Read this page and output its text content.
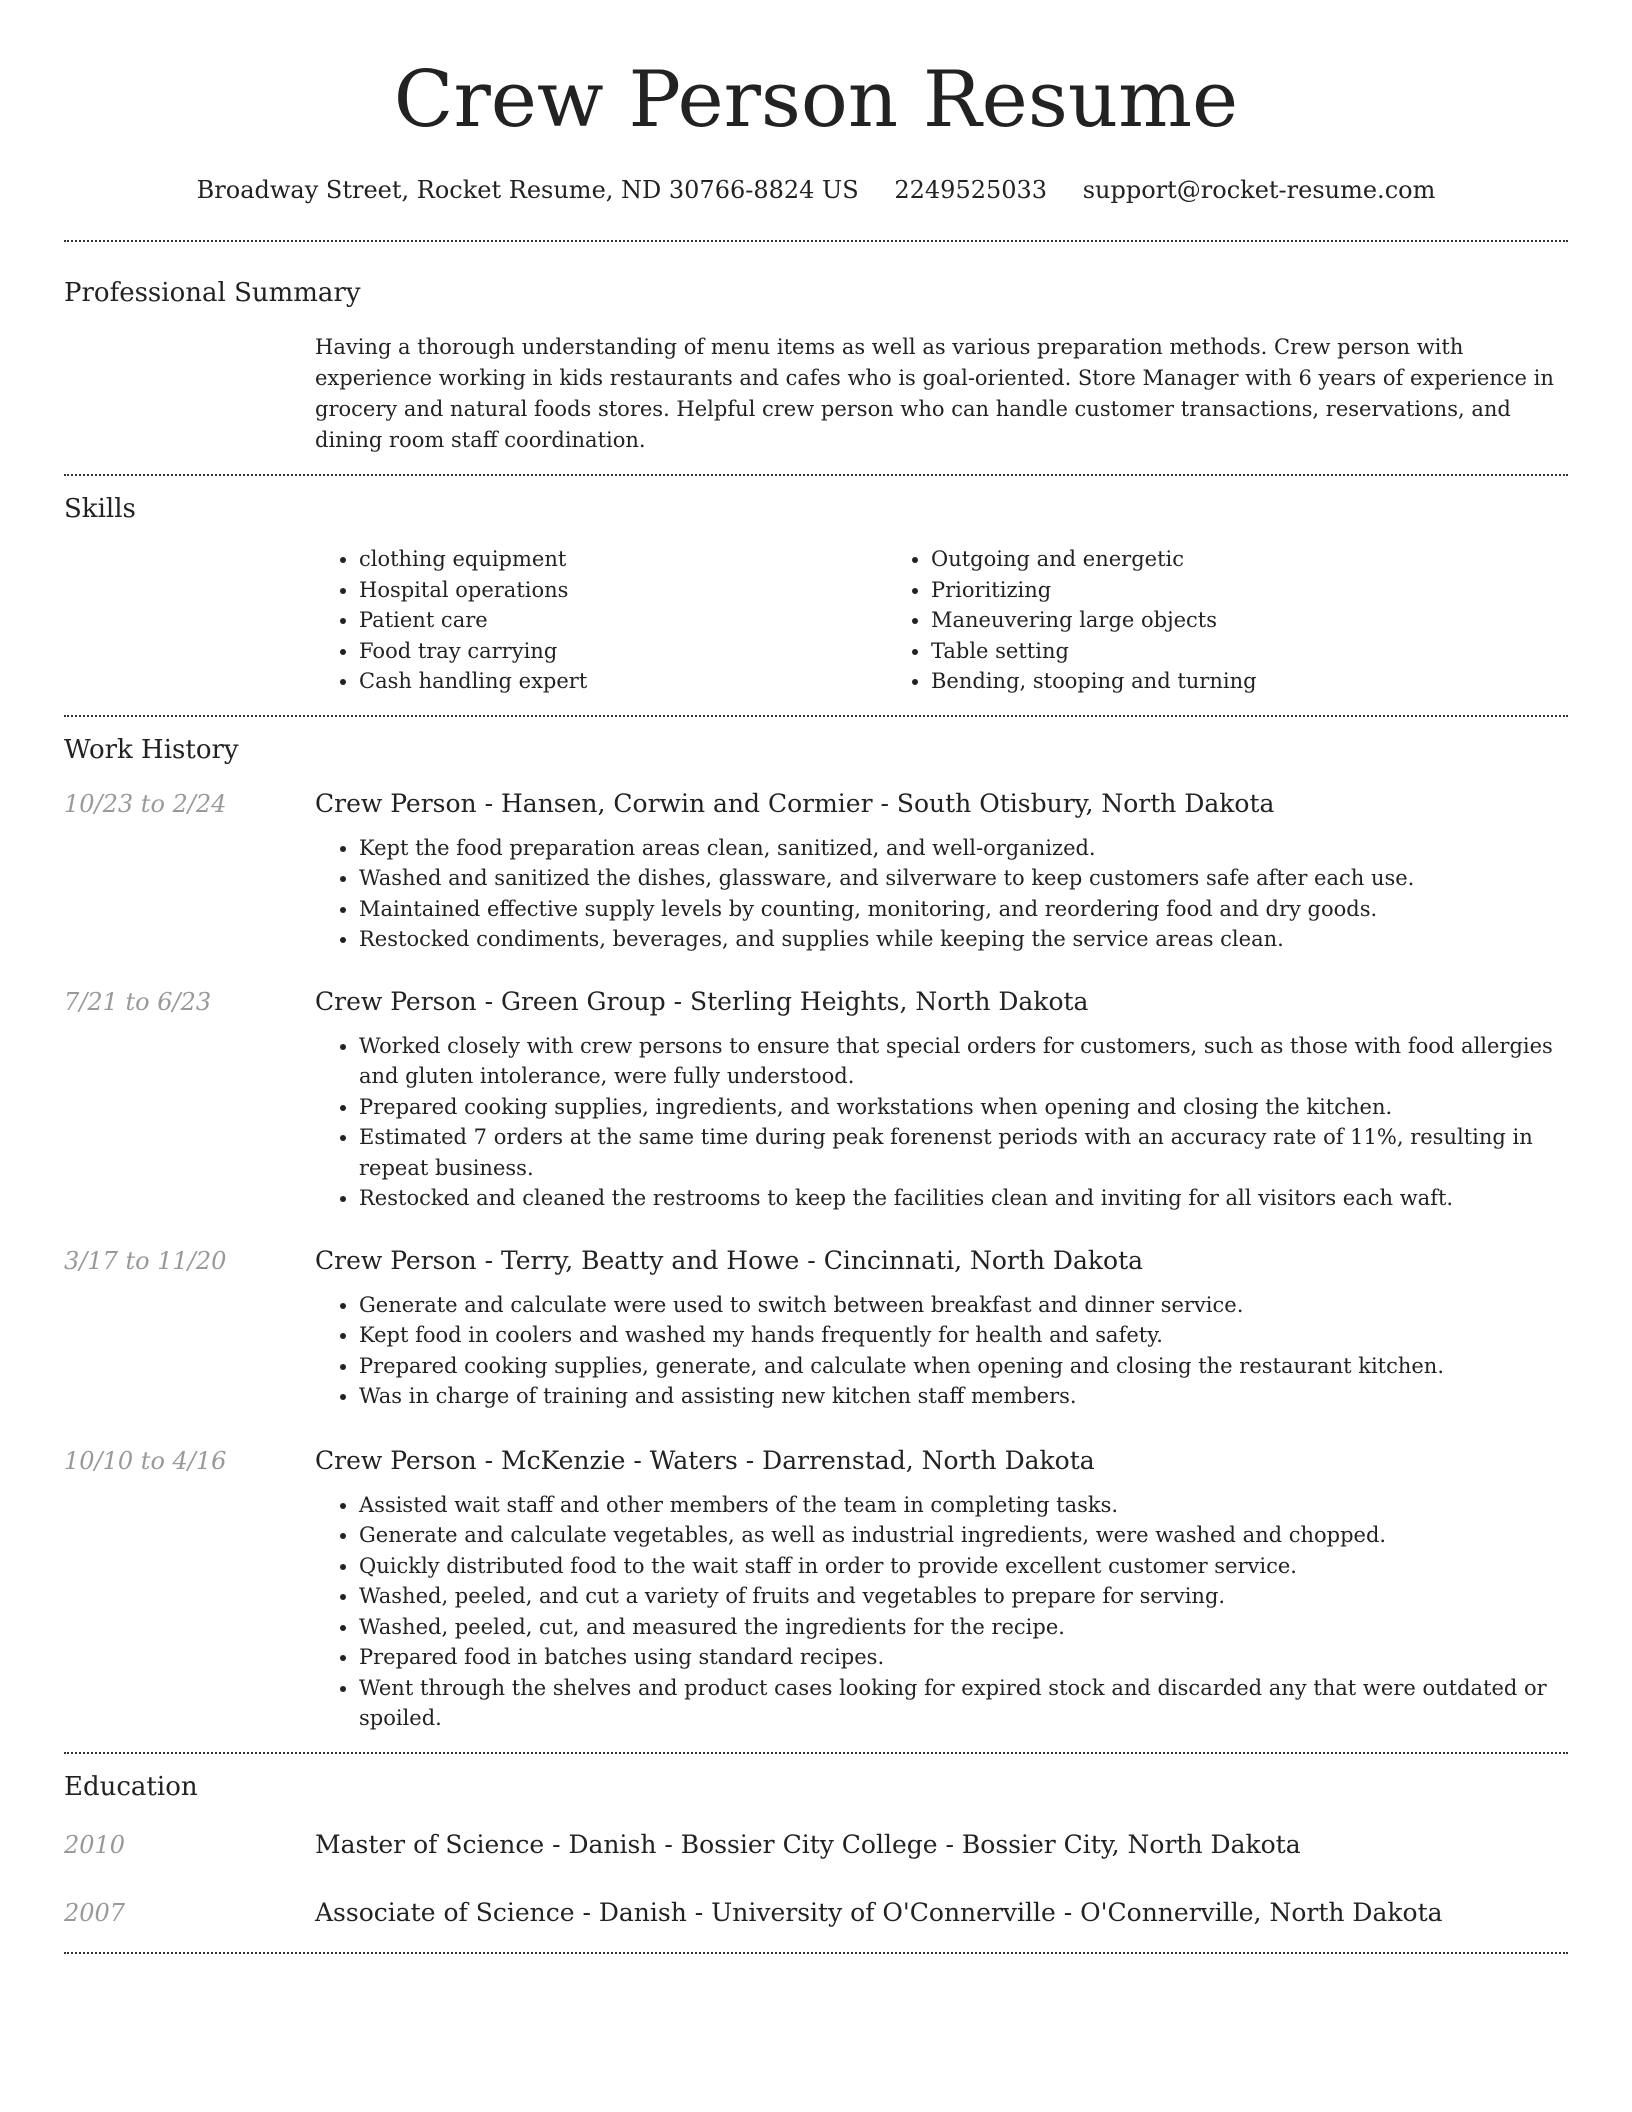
Crew Person Resume
Broadway Street, Rocket Resume, ND 30766-8824 US 2249525033 support@rocket-resume.com
Professional Summary

Having a thorough understanding of menu items as well as various preparation methods. Crew person with experience working in kids restaurants and cafes who is goal-oriented. Store Manager with 6 years of experience in grocery and natural foods stores. Helpful crew person who can handle customer transactions, reservations, and dining room staff coordination.

Skills
• clothing equipment
• Hospital operations
• Patient care
• Food tray carrying
• Cash handling expert
• Outgoing and energetic
• Prioritizing
• Maneuvering large objects
• Table setting
• Bending, stooping and turning
Work History
10/23 to 2/24	Crew Person - Hansen, Corwin and Cormier - South Otisbury, North Dakota
• Kept the food preparation areas clean, sanitized, and well-organized.
• Washed and sanitized the dishes, glassware, and silverware to keep customers safe after each use.
• Maintained effective supply levels by counting, monitoring, and reordering food and dry goods.
• Restocked condiments, beverages, and supplies while keeping the service areas clean.
7/21 to 6/23	Crew Person - Green Group - Sterling Heights, North Dakota
• Worked closely with crew persons to ensure that special orders for customers, such as those with food allergies and gluten intolerance, were fully understood.
• Prepared cooking supplies, ingredients, and workstations when opening and closing the kitchen.
• Estimated 7 orders at the same time during peak forenenst periods with an accuracy rate of 11%, resulting in repeat business.
• Restocked and cleaned the restrooms to keep the facilities clean and inviting for all visitors each waft.
3/17 to 11/20	Crew Person - Terry, Beatty and Howe - Cincinnati, North Dakota
• Generate and calculate were used to switch between breakfast and dinner service.
• Kept food in coolers and washed my hands frequently for health and safety.
• Prepared cooking supplies, generate, and calculate when opening and closing the restaurant kitchen.
• Was in charge of training and assisting new kitchen staff members.
10/10 to 4/16	Crew Person - McKenzie - Waters - Darrenstad, North Dakota
• Assisted wait staff and other members of the team in completing tasks.
• Generate and calculate vegetables, as well as industrial ingredients, were washed and chopped.
• Quickly distributed food to the wait staff in order to provide excellent customer service.
• Washed, peeled, and cut a variety of fruits and vegetables to prepare for serving.
• Washed, peeled, cut, and measured the ingredients for the recipe.
• Prepared food in batches using standard recipes.
• Went through the shelves and product cases looking for expired stock and discarded any that were outdated or spoiled.
Education
2010	Master of Science - Danish - Bossier City College - Bossier City, North Dakota
2007	Associate of Science - Danish - University of O'Connerville - O'Connerville, North Dakota
